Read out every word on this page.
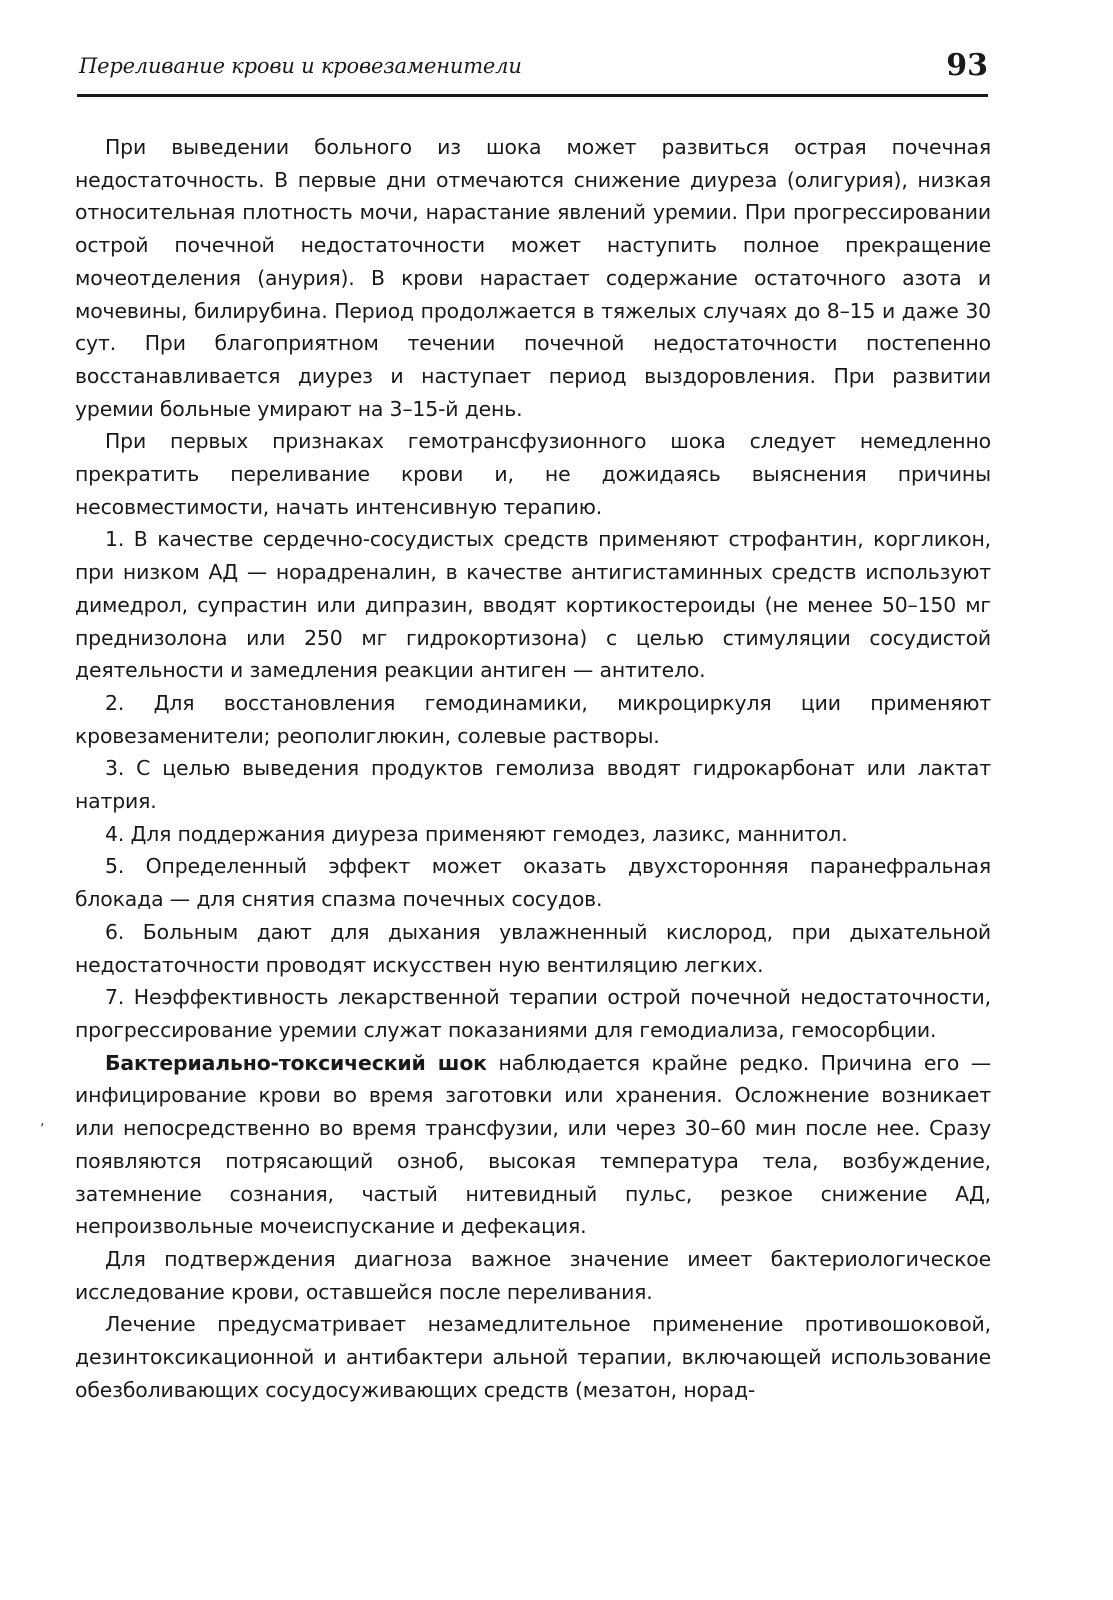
Переливание крови и кровезаменители	93

При выведении больного из шока может развиться острая почечная недостаточность. В первые дни отмечаются снижение диуреза (олигурия), низкая относительная плотность мочи, нарастание явлений уремии. При прогрессировании острой почечной недостаточности может наступить полное прекращение мочеотделения (анурия). В крови нарастает содержание остаточного азота и мочевины, билирубина. Период продолжается в тяжелых случаях до 8–15 и даже 30 сут. При благоприятном течении почечной недостаточности постепенно восстанавливается диурез и наступает период выздоровления. При развитии уремии больные умирают на 3–15-й день.

При первых признаках гемотрансфузионного шока следует немедленно прекратить переливание крови и, не дожидаясь выяснения причины несовместимости, начать интенсивную терапию.

1. В качестве сердечно-сосудистых средств применяют строфантин, коргликон, при низком АД — норадреналин, в качестве антигистаминных средств используют димедрол, супрастин или дипразин, вводят кортикостероиды (не менее 50–150 мг преднизолона или 250 мг гидрокортизона) с целью стимуляции сосудистой деятельности и замедления реакции антиген — антитело.

2. Для восстановления гемодинамики, микроциркуля ции применяют кровезаменители; реополиглюкин, солевые растворы.

3. С целью выведения продуктов гемолиза вводят гидрокарбонат или лактат натрия.

4. Для поддержания диуреза применяют гемодез, лазикс, маннитол.

5. Определенный эффект может оказать двухсторонняя паранефральная блокада — для снятия спазма почечных сосудов.

6. Больным дают для дыхания увлажненный кислород, при дыхательной недостаточности проводят искусствен ную вентиляцию легких.

7. Неэффективность лекарственной терапии острой почечной недостаточности, прогрессирование уремии служат показаниями для гемодиализа, гемосорбции.

Бактериально-токсический шок наблюдается крайне редко. Причина его — инфицирование крови во время заготовки или хранения. Осложнение возникает или непосредственно во время трансфузии, или через 30–60 мин после нее. Сразу появляются потрясающий озноб, высокая температура тела, возбуждение, затемнение сознания, частый нитевидный пульс, резкое снижение АД, непроизвольные мочеиспускание и дефекация.

Для подтверждения диагноза важное значение имеет бактериологическое исследование крови, оставшейся после переливания.

Лечение предусматривает незамедлительное применение противошоковой, дезинтоксикационной и антибактери альной терапии, включающей использование обезболивающих сосудосуживающих средств (мезатон, норад-

‚
